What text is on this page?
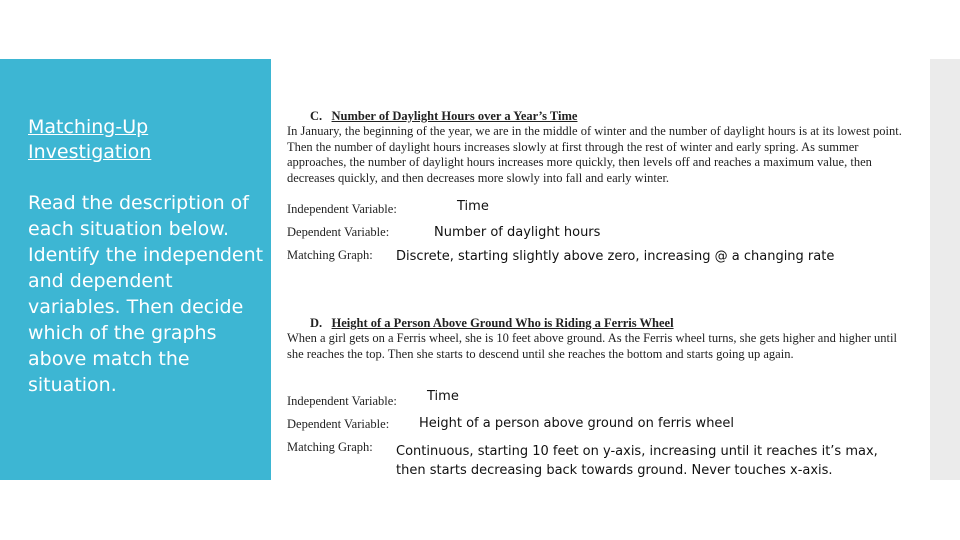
Matching-Up Investigation
Read the description of each situation below. Identify the independent and dependent variables. Then decide which of the graphs above match the situation.
C. Number of Daylight Hours over a Year’s Time
In January, the beginning of the year, we are in the middle of winter and the number of daylight hours is at its lowest point. Then the number of daylight hours increases slowly at first through the rest of winter and early spring. As summer approaches, the number of daylight hours increases more quickly, then levels off and reaches a maximum value, then decreases quickly, and then decreases more slowly into fall and early winter.
Independent Variable:	Time
Dependent Variable:	Number of daylight hours
Matching Graph: Discrete, starting slightly above zero, increasing @ a changing rate
D. Height of a Person Above Ground Who is Riding a Ferris Wheel
When a girl gets on a Ferris wheel, she is 10 feet above ground. As the Ferris wheel turns, she gets higher and higher until she reaches the top. Then she starts to descend until she reaches the bottom and starts going up again.
Independent Variable: Time
Dependent Variable: Height of a person above ground on ferris wheel
Matching Graph: Continuous, starting 10 feet on y-axis, increasing until it reaches it’s max,
then starts decreasing back towards ground. Never touches x-axis.
